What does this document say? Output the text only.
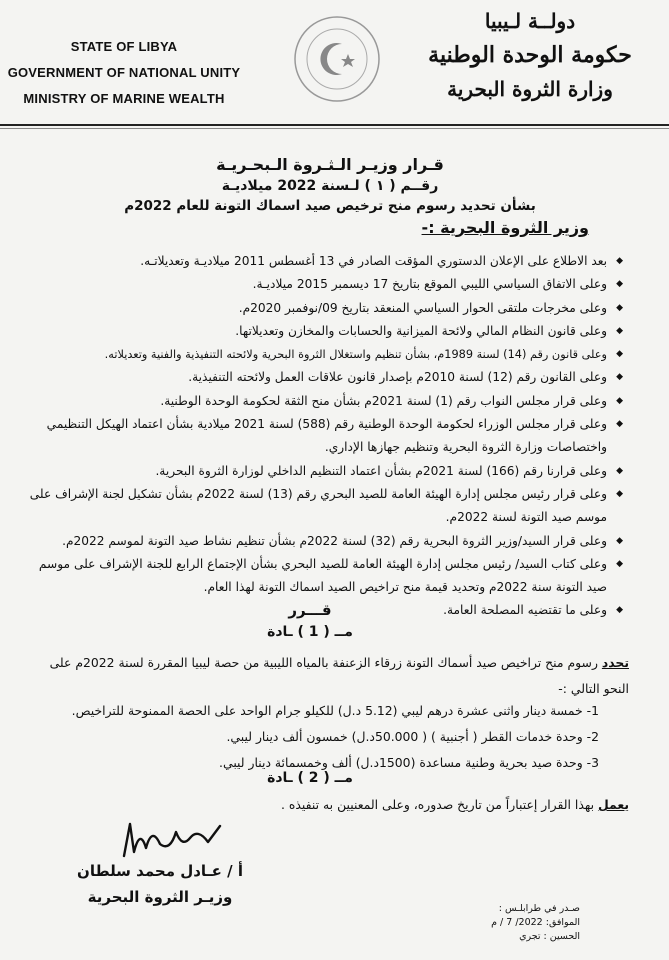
STATE OF LIBYA
GOVERNMENT OF NATIONAL UNITY
MINISTRY OF MARINE WEALTH
دولــة لـيبيا
حكومة الوحدة الوطنية
وزارة الثروة البحرية
قـرار وزيـر الـثـروة الـبحـريـة
رقــم ( ١ ) لـسنة 2022 ميلاديـة
بشأن تحديد رسوم منح ترخيص صيد اسماك التونة للعام 2022م
وزير الثروة البحرية :-
◆ بعد الاطلاع على الإعلان الدستوري المؤقت الصادر في 13 أغسطس 2011 ميلاديـة وتعديلاتـه.
◆ وعلى الاتفاق السياسي الليبي الموقع بتاريخ 17 ديسمبر 2015 ميلاديـة.
◆ وعلى مخرجات ملتقى الحوار السياسي المنعقد بتاريخ 09/نوفمبر 2020م.
◆ وعلى قانون النظام المالي ولائحة الميزانية والحسابات والمخازن وتعديلاتها.
◆ وعلى قانون رقم (14) لسنة 1989م، بشأن تنظيم واستغلال الثروة البحرية ولائحته التنفيذية والفنية وتعديلاته.
◆ وعلى القانون رقم (12) لسنة 2010م بإصدار قانون علاقات العمل ولائحته التنفيذية.
◆ وعلى قرار مجلس النواب رقم (1) لسنة 2021م بشأن منح الثقة لحكومة الوحدة الوطنية.
◆ وعلى قرار مجلس الوزراء لحكومة الوحدة الوطنية رقم (588) لسنة 2021 ميلادية بشأن اعتماد الهيكل التنظيمي واختصاصات وزارة الثروة البحرية وتنظيم جهازها الإداري.
◆ وعلى قرارنا رقم (166) لسنة 2021م بشأن اعتماد التنظيم الداخلي لوزارة الثروة البحرية.
◆ وعلى قرار رئيس مجلس إدارة الهيئة العامة للصيد البحري رقم (13) لسنة 2022م بشأن تشكيل لجنة الإشراف على موسم صيد التونة لسنة 2022م.
◆ وعلى قرار السيد/وزير الثروة البحرية رقم (32) لسنة 2022م بشأن تنظيم نشاط صيد التونة لموسم 2022م.
◆ وعلى كتاب السيد/ رئيس مجلس إدارة الهيئة العامة للصيد البحري بشأن الإجتماع الرابع للجنة الإشراف على موسم صيد التونة سنة 2022م وتحديد قيمة منح تراخيص الصيد اسماك التونة لهذا العام.
◆ وعلى ما تقتضيه المصلحة العامة.
قـــرر
مــ ( 1 ) ـادة
تحدد رسوم منح تراخيص صيد أسماك التونة زرقاء الزعنفة بالمياه الليبية من حصة ليبيا المقررة لسنة 2022م على النحو التالي :-
1- خمسة دينار واثنى عشرة درهم ليبي (5.12 د.ل) للكيلو جرام الواحد على الحصة الممنوحة للتراخيص.
2- وحدة خدمات القطر ( أجنبية ) ( 50.000د.ل) خمسون ألف دينار ليبي.
3- وحدة صيد بحرية وطنية مساعدة (1500د.ل) ألف وخمسمائة دينار ليبي.
مــ ( 2 ) ـادة
يعمل بهذا القرار إعتباراً من تاريخ صدوره، وعلى المعنيين به تنفيذه .
أ / عـادل محمد سلطان
وزيـر الثروة البحرية
صـدر في طرابلـس :
الموافق: 2022/ 7 / م
الحسين : تجري
